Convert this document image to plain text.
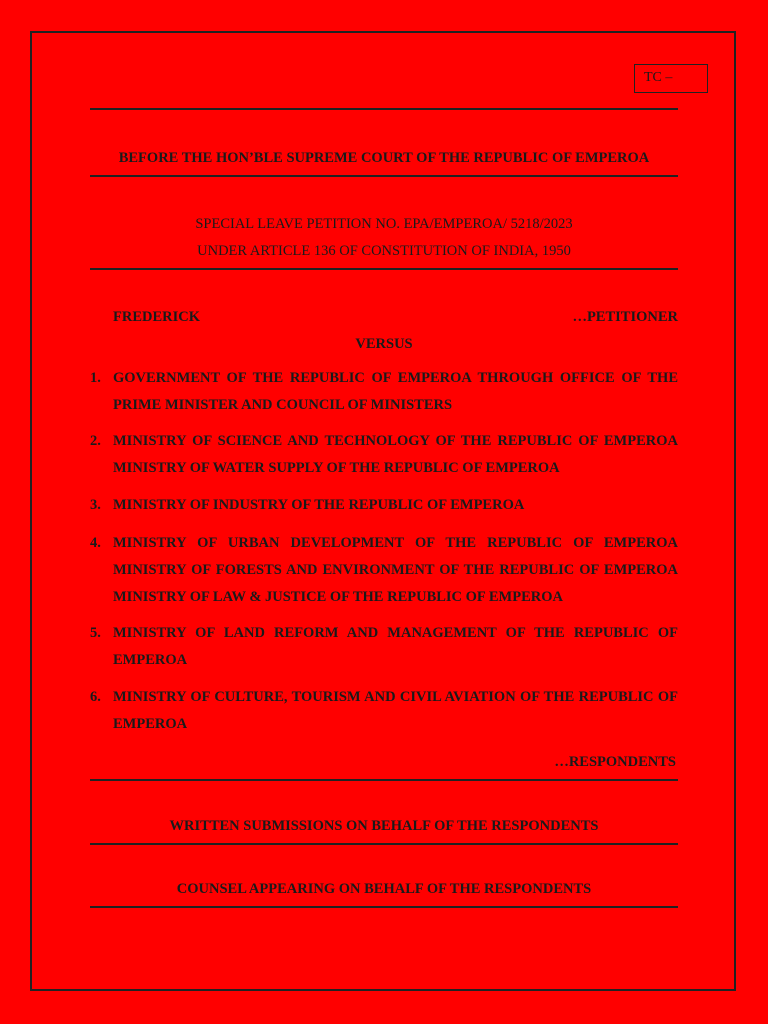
TC –
BEFORE THE HON’BLE SUPREME COURT OF THE REPUBLIC OF EMPEROA
SPECIAL LEAVE PETITION NO. EPA/EMPEROA/ 5218/2023
UNDER ARTICLE 136 OF CONSTITUTION OF INDIA, 1950
FREDERICK	…PETITIONER
VERSUS
1. GOVERNMENT OF THE REPUBLIC OF EMPEROA THROUGH OFFICE OF THE PRIME MINISTER AND COUNCIL OF MINISTERS
2. MINISTRY OF SCIENCE AND TECHNOLOGY OF THE REPUBLIC OF EMPEROA MINISTRY OF WATER SUPPLY OF THE REPUBLIC OF EMPEROA
3. MINISTRY OF INDUSTRY OF THE REPUBLIC OF EMPEROA
4. MINISTRY OF URBAN DEVELOPMENT OF THE REPUBLIC OF EMPEROA MINISTRY OF FORESTS AND ENVIRONMENT OF THE REPUBLIC OF EMPEROA MINISTRY OF LAW & JUSTICE OF THE REPUBLIC OF EMPEROA
5. MINISTRY OF LAND REFORM AND MANAGEMENT OF THE REPUBLIC OF EMPEROA
6. MINISTRY OF CULTURE, TOURISM AND CIVIL AVIATION OF THE REPUBLIC OF EMPEROA
…RESPONDENTS
WRITTEN SUBMISSIONS ON BEHALF OF THE RESPONDENTS
COUNSEL APPEARING ON BEHALF OF THE RESPONDENTS
